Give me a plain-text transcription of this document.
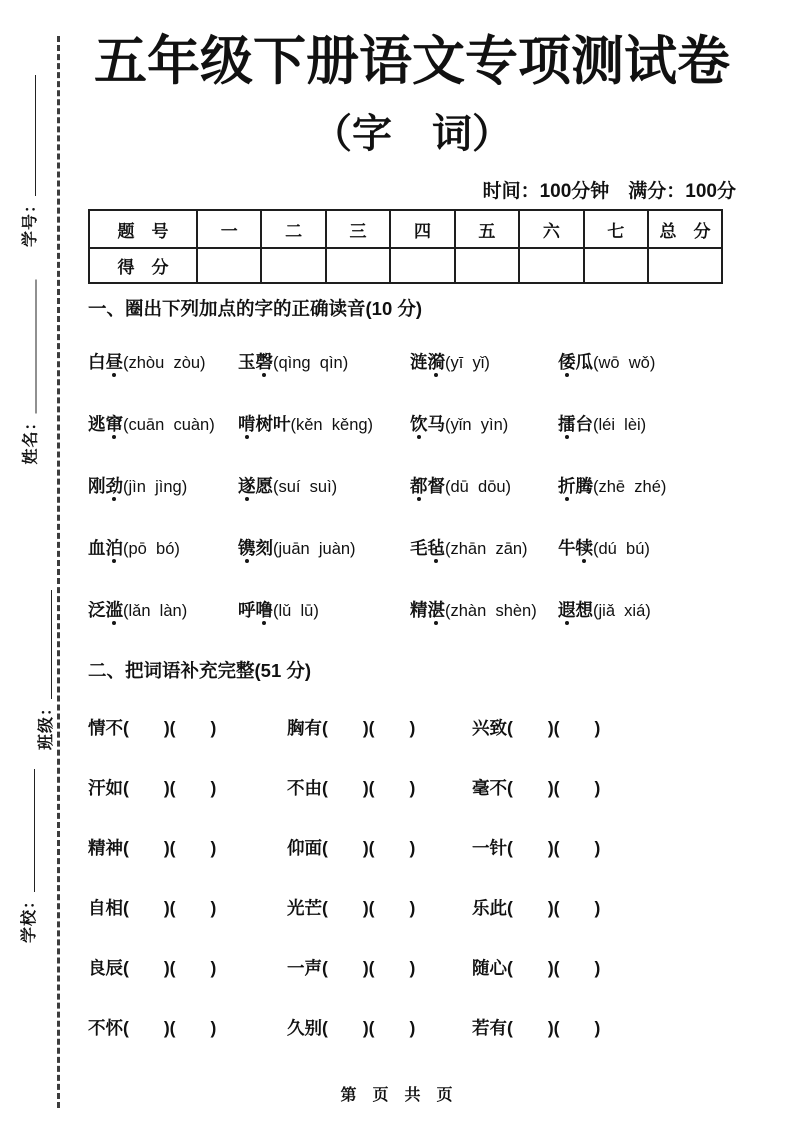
学号：
姓名：
班级：
学校：
五年级下册语文专项测试卷
（字　词）
时间：100分钟　满分：100分
题　号	一	二	三	四	五	六	七	总　分
得　分								
一、圈出下列加点的字的正确读音(10 分)
白昼(zhòu  zòu)	玉磬(qìng  qìn)	涟漪(yī  yǐ)	倭瓜(wō  wǒ)
逃窜(cuān  cuàn)	啃树叶(kěn  kěng)	饮马(yǐn  yìn)	擂台(léi  lèi)
刚劲(jìn  jìng)	遂愿(suí  suì)	都督(dū  dōu)	折腾(zhē  zhé)
血泊(pō  bó)	镌刻(juān  juàn)	毛毡(zhān  zān)	牛犊(dú  bú)
泛滥(lǎn  làn)	呼噜(lǔ  lū)	精湛(zhàn  shèn)	遐想(jiǎ  xiá)
二、把词语补充完整(51 分)
情不(　　)(　　)	胸有(　　)(　　)	兴致(　　)(　　)
汗如(　　)(　　)	不由(　　)(　　)	毫不(　　)(　　)
精神(　　)(　　)	仰面(　　)(　　)	一针(　　)(　　)
自相(　　)(　　)	光芒(　　)(　　)	乐此(　　)(　　)
良辰(　　)(　　)	一声(　　)(　　)	随心(　　)(　　)
不怀(　　)(　　)	久别(　　)(　　)	若有(　　)(　　)
第　页　共　页
